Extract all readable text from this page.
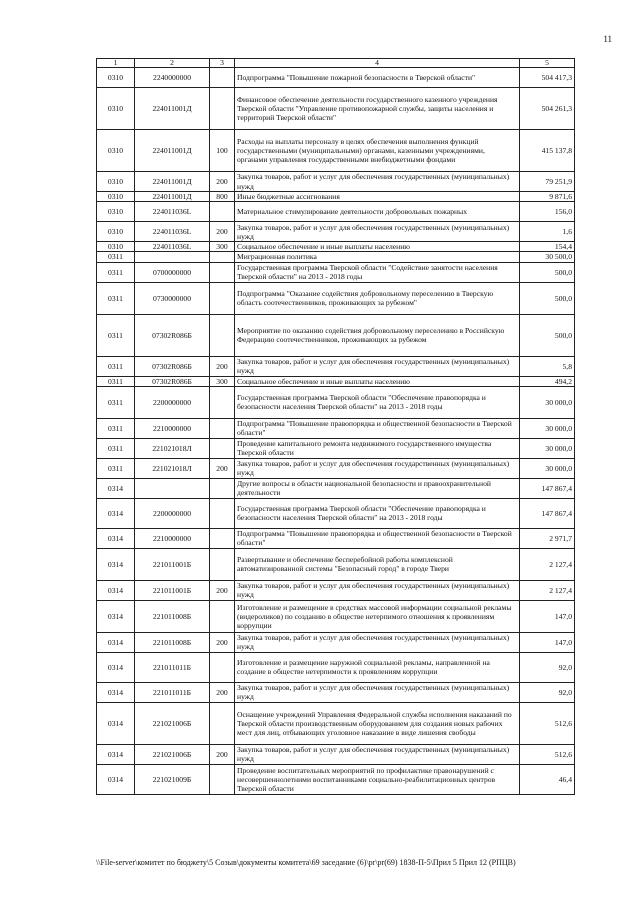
11
1	2	3	4	5
0310	2240000000		Подпрограмма "Повышение пожарной безопасности в Тверской области"	504 417,3
0310	224011001Д		Финансовое обеспечение деятельности государственного казенного учреждения Тверской области "Управление противопожарной службы, защиты населения и территорий Тверской области"	504 261,3
0310	224011001Д	100	Расходы на выплаты персоналу в целях обеспечения выполнения функций государственными (муниципальными) органами, казенными учреждениями, органами управления государственными внебюджетными фондами	415 137,8
0310	224011001Д	200	Закупка товаров, работ и услуг для обеспечения государственных (муниципальных) нужд	79 251,9
0310	224011001Д	800	Иные бюджетные ассигнования	9 871,6
0310	224011036L		Материальное стимулирование деятельности добровольных пожарных	156,0
0310	224011036L	200	Закупка товаров, работ и услуг для обеспечения государственных (муниципальных) нужд	1,6
0310	224011036L	300	Социальное обеспечение и иные выплаты населению	154,4
0311			Миграционная политика	30 500,0
0311	0700000000		Государственная программа Тверской области "Содействие занятости населения Тверской области" на 2013 - 2018 годы	500,0
0311	0730000000		Подпрограмма "Оказание содействия добровольному переселению в Тверскую область соотечественников, проживающих за рубежом"	500,0
0311	07302R086Б		Мероприятие по оказанию содействия добровольному переселению в Российскую Федерацию соотечественников, проживающих за рубежом	500,0
0311	07302R086Б	200	Закупка товаров, работ и услуг для обеспечения государственных (муниципальных) нужд	5,8
0311	07302R086Б	300	Социальное обеспечение и иные выплаты населению	494,2
0311	2200000000		Государственная программа Тверской области "Обеспечение правопорядка и безопасности населения Тверской области" на 2013 - 2018 годы	30 000,0
0311	2210000000		Подпрограмма "Повышение правопорядка и общественной безопасности в Тверской области"	30 000,0
0311	221021018Л		Проведение капитального ремонта недвижимого государственного имущества Тверской области	30 000,0
0311	221021018Л	200	Закупка товаров, работ и услуг для обеспечения государственных (муниципальных) нужд	30 000,0
0314			Другие вопросы в области национальной безопасности и правоохранительной деятельности	147 867,4
0314	2200000000		Государственная программа Тверской области "Обеспечение правопорядка и безопасности населения Тверской области" на 2013 - 2018 годы	147 867,4
0314	2210000000		Подпрограмма "Повышение правопорядка и общественной безопасности в Тверской области"	2 971,7
0314	221011001Б		Развертывание и обеспечение бесперебойной работы комплексной автоматизированной системы "Безопасный город" в городе Твери	2 127,4
0314	221011001Б	200	Закупка товаров, работ и услуг для обеспечения государственных (муниципальных) нужд	2 127,4
0314	221011008Б		Изготовление и размещение в средствах массовой информации социальной рекламы (видероликов) по созданию в обществе нетерпимого отношения к проявлениям коррупции	147,0
0314	221011008Б	200	Закупка товаров, работ и услуг для обеспечения государственных (муниципальных) нужд	147,0
0314	221011011Б		Изготовление и размещение наружной социальной рекламы, направленной на создание в обществе нетерпимости к проявлениям коррупции	92,0
0314	221011011Б	200	Закупка товаров, работ и услуг для обеспечения государственных (муниципальных) нужд	92,0
0314	221021006Б		Оснащение учреждений Управления Федеральной службы исполнения наказаний по Тверской области производственным оборудованием для создания новых рабочих мест для лиц, отбывающих уголовное наказание в виде лишения свободы	512,6
0314	221021006Б	200	Закупка товаров, работ и услуг для обеспечения государственных (муниципальных) нужд	512,6
0314	221021009Б		Проведение воспитательных мероприятий по профилактике правонарушений с несовершеннолетними воспитанниками социально-реабилитационных центров Тверской области	46,4
\\File-server\комитет по бюджету\5 Созыв\документы комитета\69 заседание (6)\pr\pr(69) 1838-П-5\Прил 5 Прил 12 (РПЦВ)
